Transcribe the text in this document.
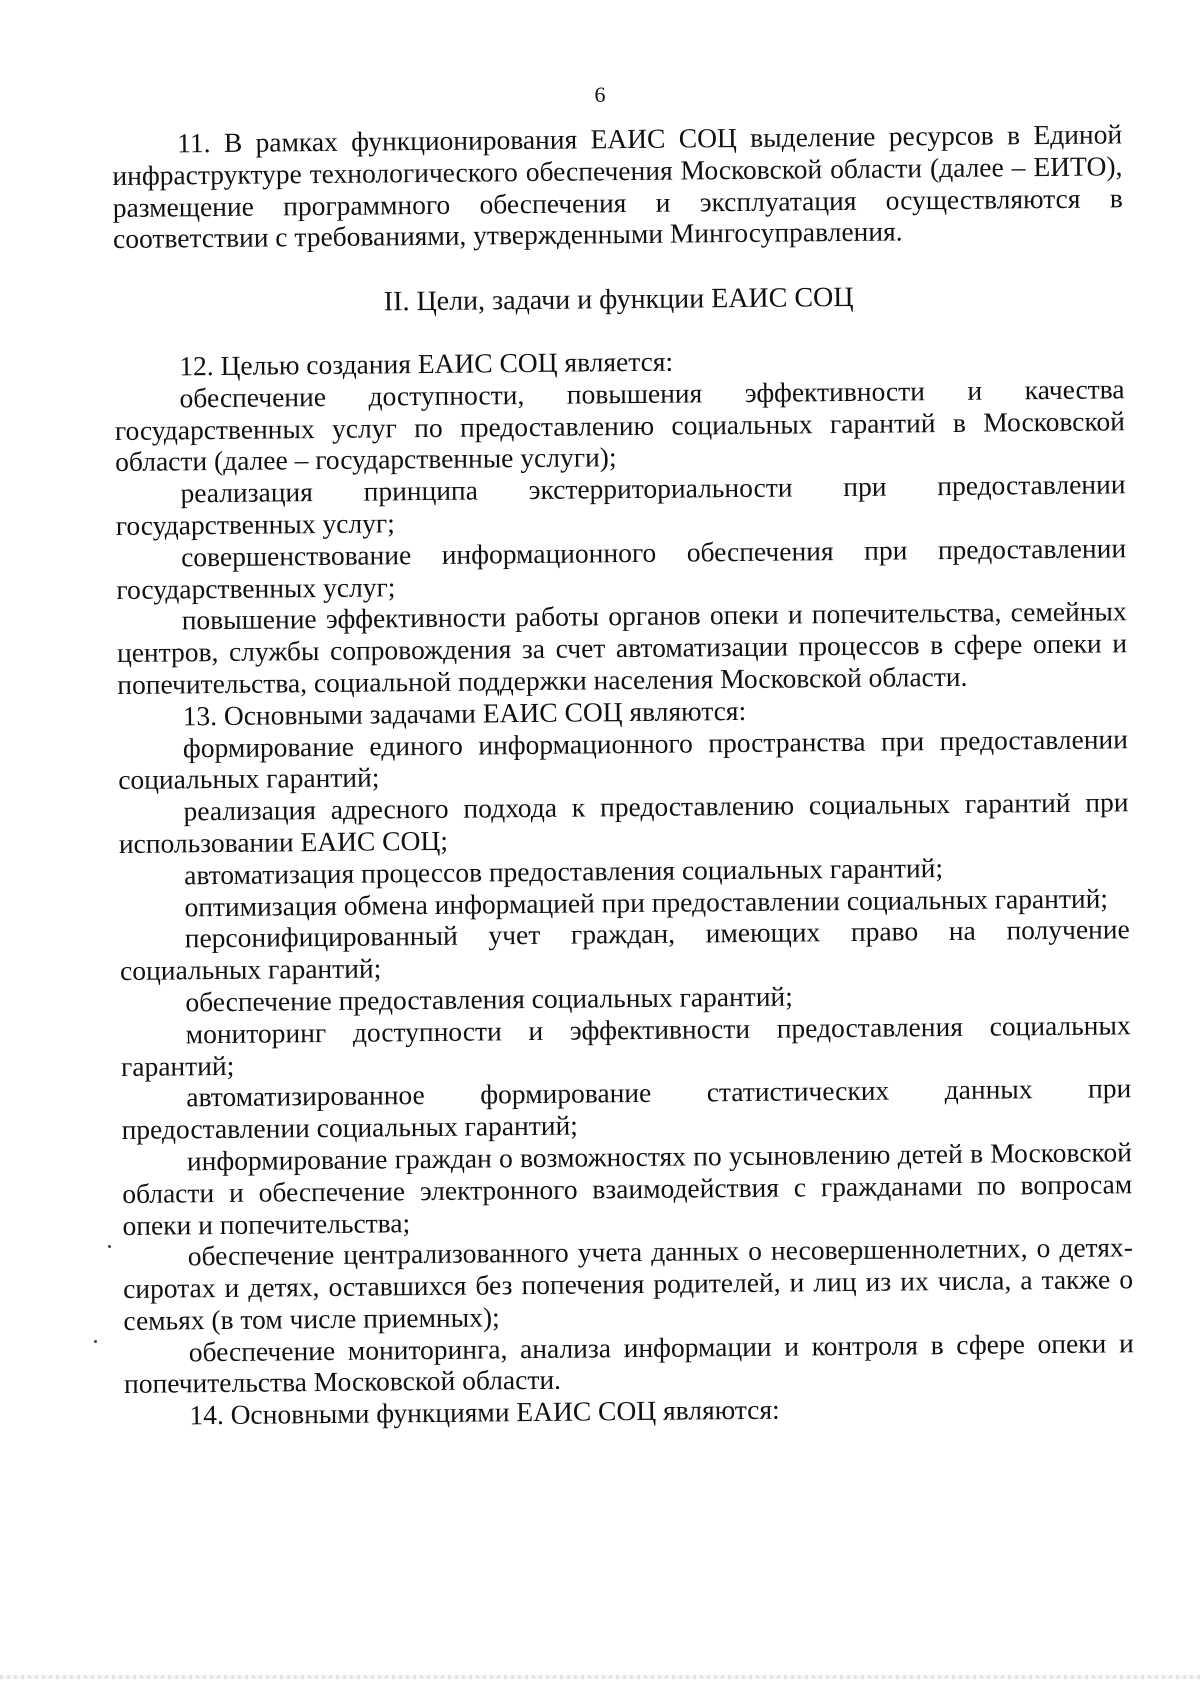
6

11. В рамках функционирования ЕАИС СОЦ выделение ресурсов в Единой инфраструктуре технологического обеспечения Московской области (далее – ЕИТО), размещение программного обеспечения и эксплуатация осуществляются в соответствии с требованиями, утвержденными Мингосуправления.

II. Цели, задачи и функции ЕАИС СОЦ

12. Целью создания ЕАИС СОЦ является:

обеспечение доступности, повышения эффективности и качества государственных услуг по предоставлению социальных гарантий в Московской области (далее – государственные услуги);

реализация принципа экстерриториальности при предоставлении государственных услуг;

совершенствование информационного обеспечения при предоставлении государственных услуг;

повышение эффективности работы органов опеки и попечительства, семейных центров, службы сопровождения за счет автоматизации процессов в сфере опеки и попечительства, социальной поддержки населения Московской области.

13. Основными задачами ЕАИС СОЦ являются:

формирование единого информационного пространства при предоставлении социальных гарантий;

реализация адресного подхода к предоставлению социальных гарантий при использовании ЕАИС СОЦ;

автоматизация процессов предоставления социальных гарантий;

оптимизация обмена информацией при предоставлении социальных гарантий;

персонифицированный учет граждан, имеющих право на получение социальных гарантий;

обеспечение предоставления социальных гарантий;

мониторинг доступности и эффективности предоставления социальных гарантий;

автоматизированное формирование статистических данных при предоставлении социальных гарантий;

информирование граждан о возможностях по усыновлению детей в Московской области и обеспечение электронного взаимодействия с гражданами по вопросам опеки и попечительства;

обеспечение централизованного учета данных о несовершеннолетних, о детях-сиротах и детях, оставшихся без попечения родителей, и лиц из их числа, а также о семьях (в том числе приемных);

обеспечение мониторинга, анализа информации и контроля в сфере опеки и попечительства Московской области.

14. Основными функциями ЕАИС СОЦ являются:
